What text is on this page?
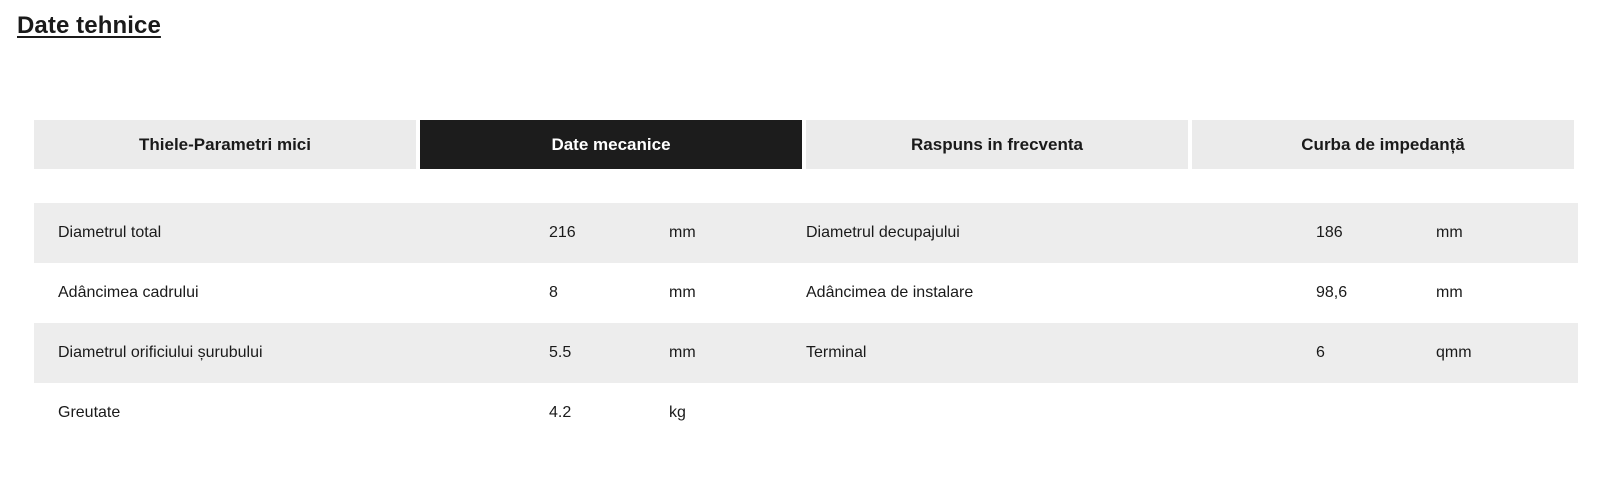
Date tehnice
Thiele-Parametri mici	Date mecanice	Raspuns in frecventa	Curba de impedanță
Diametrul total	216	mm	Diametrul decupajului	186	mm
Adâncimea cadrului	8	mm	Adâncimea de instalare	98,6	mm
Diametrul orificiului șurubului	5.5	mm	Terminal	6	qmm
Greutate	4.2	kg
